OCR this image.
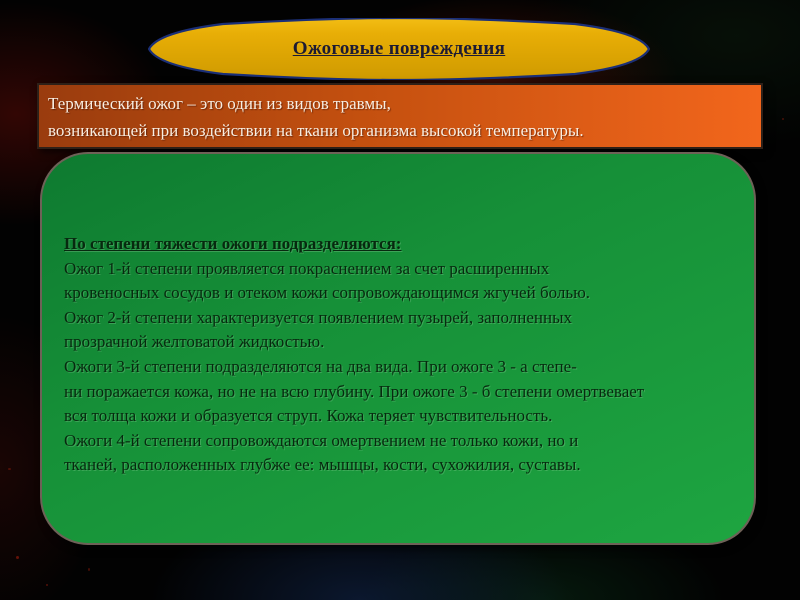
Ожоговые повреждения
Термический ожог – это один из видов травмы,
возникающей при воздействии на ткани организма высокой температуры.
По степени тяжести ожоги подразделяются:
Ожог 1-й степени проявляется покраснением за счет расширенных
кровеносных сосудов и отеком кожи сопровождающимся жгучей болью.
Ожог 2-й степени характеризуется появлением пузырей, заполненных
прозрачной желтоватой жидкостью.
Ожоги 3-й степени подразделяются на два вида. При ожоге 3 - а степе-
ни поражается кожа, но не на всю глубину. При ожоге 3 - б степени омертвевает
вся толща кожи и образуется струп. Кожа теряет чувствительность.
Ожоги 4-й степени сопровождаются омертвением не только кожи, но и
тканей, расположенных глубже ее: мышцы, кости, сухожилия, суставы.
